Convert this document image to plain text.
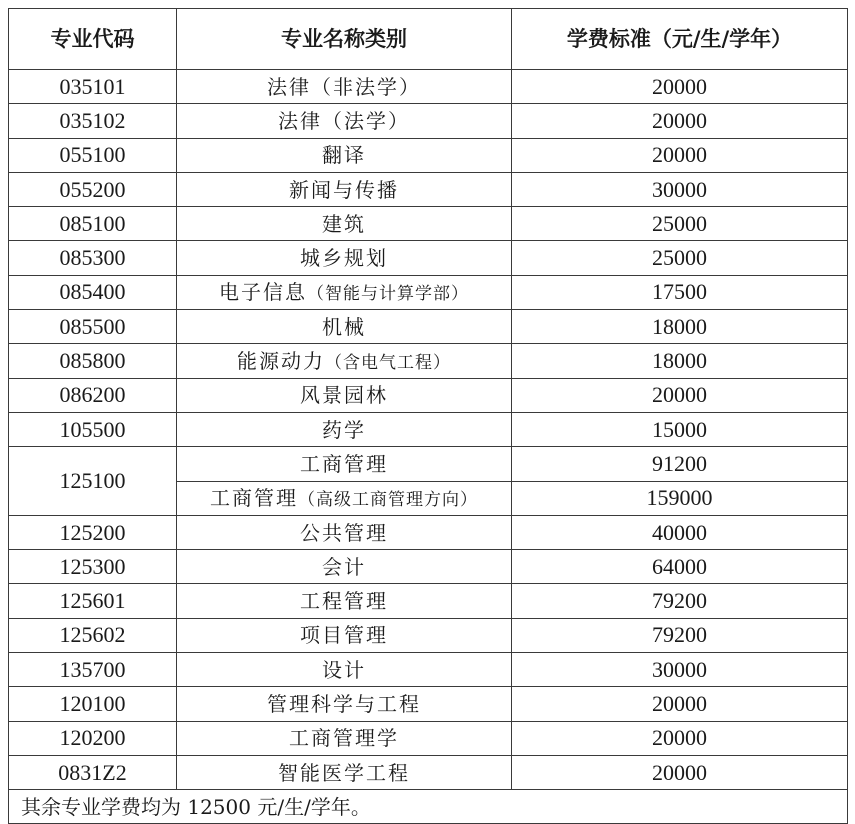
专业代码	专业名称类别	学费标准（元/生/学年）
035101	法律（非法学）	20000
035102	法律（法学）	20000
055100	翻译	20000
055200	新闻与传播	30000
085100	建筑	25000
085300	城乡规划	25000
085400	电子信息（智能与计算学部）	17500
085500	机械	18000
085800	能源动力（含电气工程）	18000
086200	风景园林	20000
105500	药学	15000
125100	工商管理	91200
	工商管理（高级工商管理方向）	159000
125200	公共管理	40000
125300	会计	64000
125601	工程管理	79200
125602	项目管理	79200
135700	设计	30000
120100	管理科学与工程	20000
120200	工商管理学	20000
0831Z2	智能医学工程	20000
其余专业学费均为 12500 元/生/学年。		
